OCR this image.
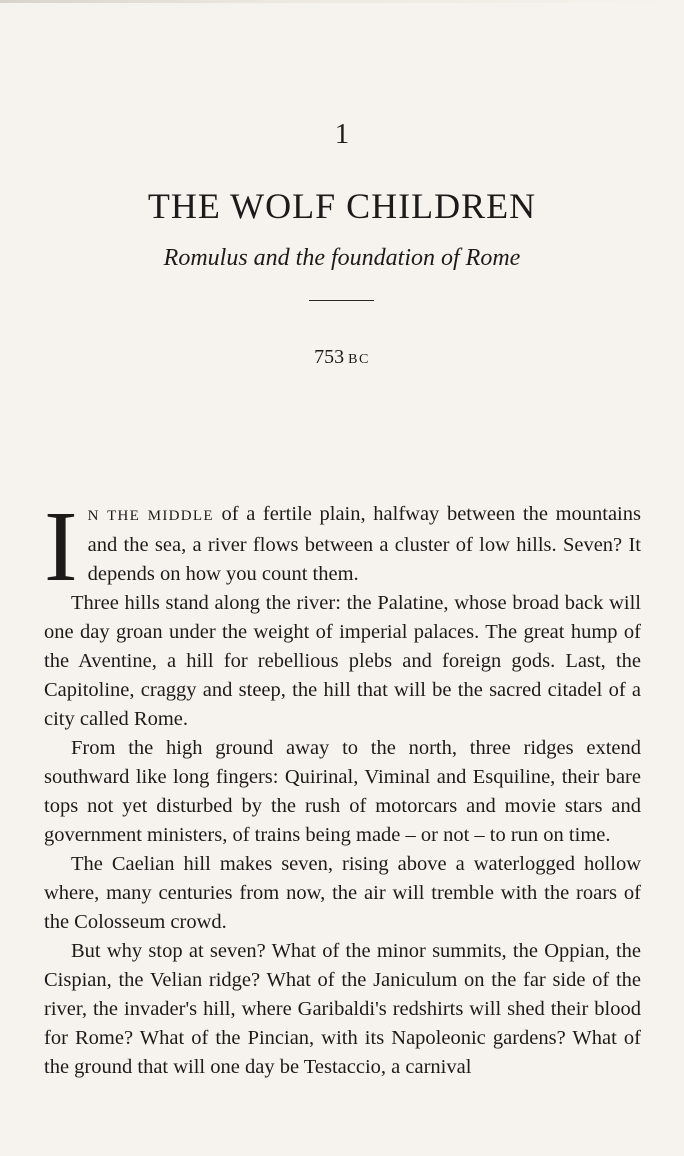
1
THE WOLF CHILDREN
Romulus and the foundation of Rome
753 BC

I N THE MIDDLE of a fertile plain, halfway between the mountains and the sea, a river flows between a cluster of low hills. Seven? It depends on how you count them.

Three hills stand along the river: the Palatine, whose broad back will one day groan under the weight of imperial palaces. The great hump of the Aventine, a hill for rebellious plebs and foreign gods. Last, the Capitoline, craggy and steep, the hill that will be the sacred citadel of a city called Rome.

From the high ground away to the north, three ridges extend southward like long fingers: Quirinal, Viminal and Esquiline, their bare tops not yet disturbed by the rush of motorcars and movie stars and government ministers, of trains being made – or not – to run on time.

The Caelian hill makes seven, rising above a waterlogged hollow where, many centuries from now, the air will tremble with the roars of the Colosseum crowd.

But why stop at seven? What of the minor summits, the Oppian, the Cispian, the Velian ridge? What of the Janiculum on the far side of the river, the invader's hill, where Garibaldi's redshirts will shed their blood for Rome? What of the Pincian, with its Napoleonic gardens? What of the ground that will one day be Testaccio, a carnival
